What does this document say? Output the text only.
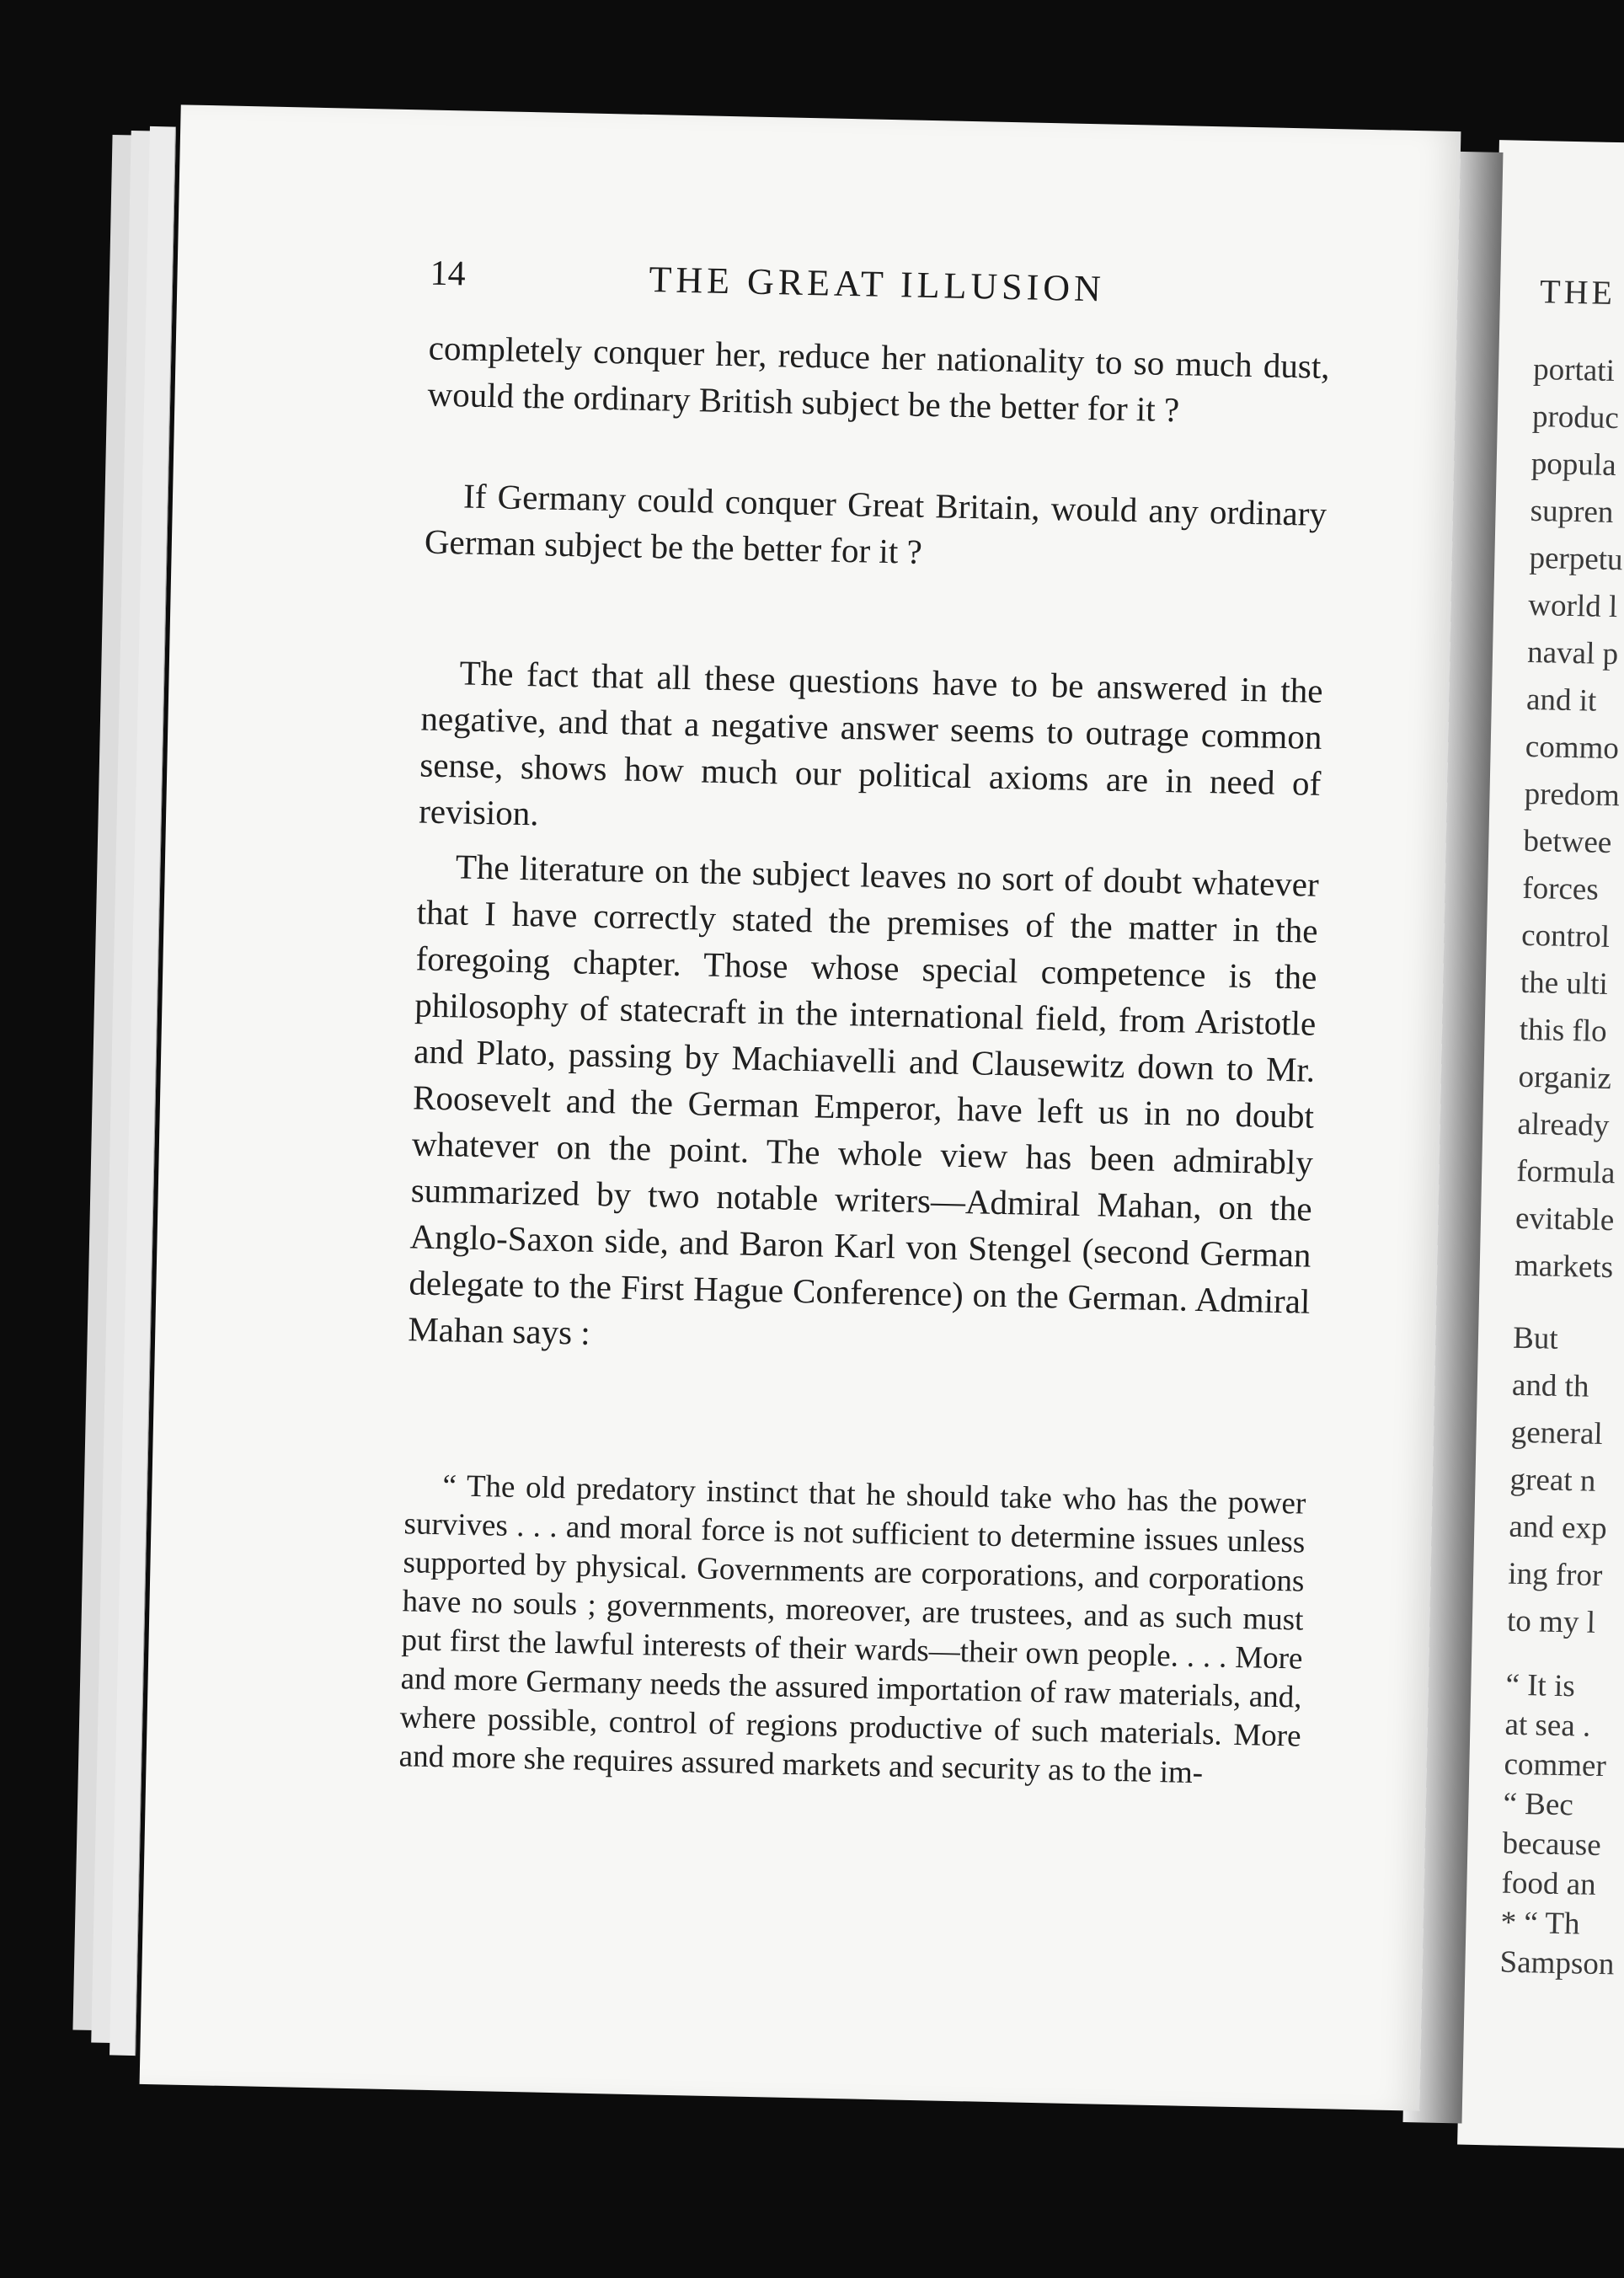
THE
portati
produc
popula
supren
perpetu
world l
naval p
and it
commo
predom
betwee
forces
control
the ulti
this flo
organiz
already
formula
evitable
markets
But
and th
general
great n
and exp
ing fror
to my l
“ It is
at sea .
commer
“ Bec
because
food an
* “ Th
Sampson
14	THE GREAT ILLUSION

completely conquer her, reduce her nationality to so much dust, would the ordinary British subject be the better for it ?

If Germany could conquer Great Britain, would any ordinary German subject be the better for it ?

The fact that all these questions have to be answered in the negative, and that a negative answer seems to outrage common sense, shows how much our political axioms are in need of revision.

The literature on the subject leaves no sort of doubt whatever that I have correctly stated the premises of the matter in the foregoing chapter. Those whose special competence is the philosophy of statecraft in the international field, from Aristotle and Plato, passing by Machiavelli and Clausewitz down to Mr. Roosevelt and the German Emperor, have left us in no doubt whatever on the point. The whole view has been admirably summarized by two notable writers—Admiral Mahan, on the Anglo-Saxon side, and Baron Karl von Stengel (second German delegate to the First Hague Conference) on the German. Admiral Mahan says :

“ The old predatory instinct that he should take who has the power survives . . . and moral force is not sufficient to determine issues unless supported by physical. Governments are corporations, and corporations have no souls ; governments, moreover, are trustees, and as such must put first the lawful interests of their wards—their own people. . . . More and more Germany needs the assured importation of raw materials, and, where possible, control of regions productive of such materials. More and more she requires assured markets and security as to the im-
